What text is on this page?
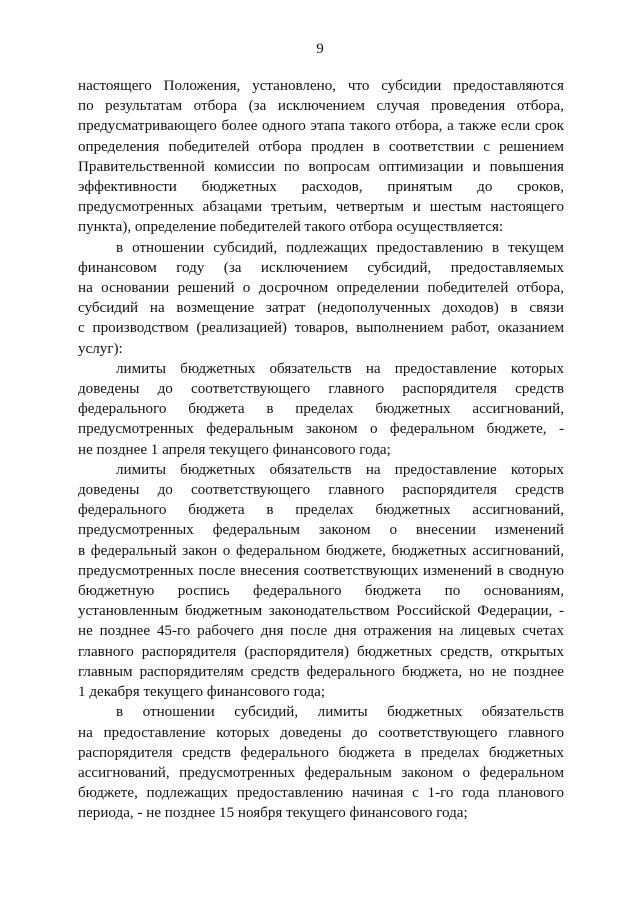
9
настоящего Положения, установлено, что субсидии предоставляются
по результатам отбора (за исключением случая проведения отбора,
предусматривающего более одного этапа такого отбора, а также если срок
определения победителей отбора продлен в соответствии с решением
Правительственной комиссии по вопросам оптимизации и повышения
эффективности бюджетных расходов, принятым до сроков,
предусмотренных абзацами третьим, четвертым и шестым настоящего
пункта), определение победителей такого отбора осуществляется:
в отношении субсидий, подлежащих предоставлению в текущем
финансовом году (за исключением субсидий, предоставляемых
на основании решений о досрочном определении победителей отбора,
субсидий на возмещение затрат (недополученных доходов) в связи
с производством (реализацией) товаров, выполнением работ, оказанием
услуг):
лимиты бюджетных обязательств на предоставление которых
доведены до соответствующего главного распорядителя средств
федерального бюджета в пределах бюджетных ассигнований,
предусмотренных федеральным законом о федеральном бюджете, -
не позднее 1 апреля текущего финансового года;
лимиты бюджетных обязательств на предоставление которых
доведены до соответствующего главного распорядителя средств
федерального бюджета в пределах бюджетных ассигнований,
предусмотренных федеральным законом о внесении изменений
в федеральный закон о федеральном бюджете, бюджетных ассигнований,
предусмотренных после внесения соответствующих изменений в сводную
бюджетную роспись федерального бюджета по основаниям,
установленным бюджетным законодательством Российской Федерации, -
не позднее 45-го рабочего дня после дня отражения на лицевых счетах
главного распорядителя (распорядителя) бюджетных средств, открытых
главным распорядителям средств федерального бюджета, но не позднее
1 декабря текущего финансового года;
в отношении субсидий, лимиты бюджетных обязательств
на предоставление которых доведены до соответствующего главного
распорядителя средств федерального бюджета в пределах бюджетных
ассигнований, предусмотренных федеральным законом о федеральном
бюджете, подлежащих предоставлению начиная с 1-го года планового
периода, - не позднее 15 ноября текущего финансового года;
